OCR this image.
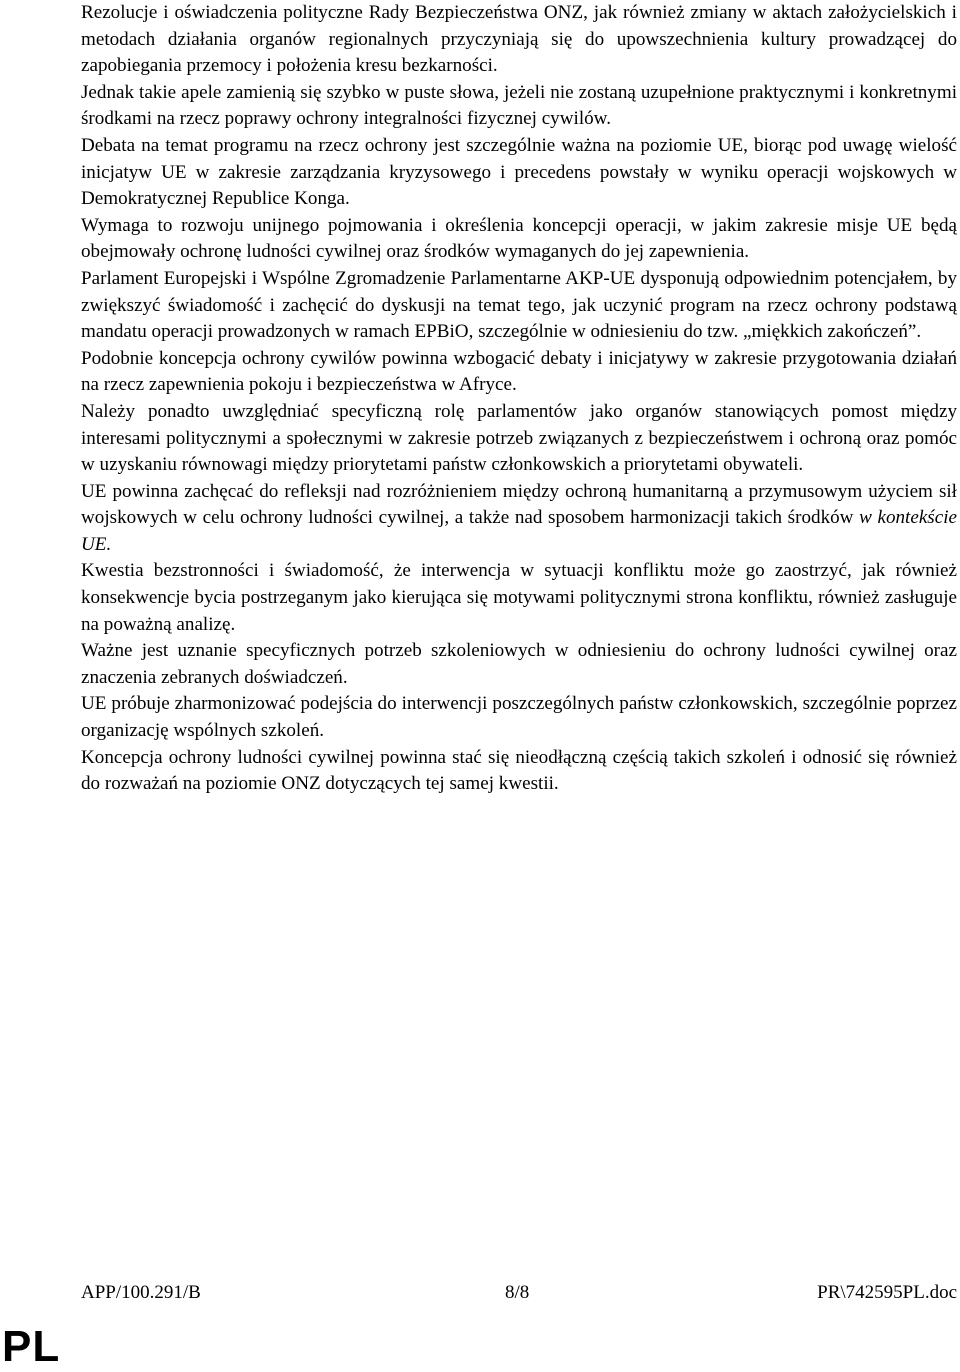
Rezolucje i oświadczenia polityczne Rady Bezpieczeństwa ONZ, jak również zmiany w aktach założycielskich i metodach działania organów regionalnych przyczyniają się do upowszechnienia kultury prowadzącej do zapobiegania przemocy i położenia kresu bezkarności.

Jednak takie apele zamienią się szybko w puste słowa, jeżeli nie zostaną uzupełnione praktycznymi i konkretnymi środkami na rzecz poprawy ochrony integralności fizycznej cywilów.

Debata na temat programu na rzecz ochrony jest szczególnie ważna na poziomie UE, biorąc pod uwagę wielość inicjatyw UE w zakresie zarządzania kryzysowego i precedens powstały w wyniku operacji wojskowych w Demokratycznej Republice Konga.

Wymaga to rozwoju unijnego pojmowania i określenia koncepcji operacji, w jakim zakresie misje UE będą obejmowały ochronę ludności cywilnej oraz środków wymaganych do jej zapewnienia.

Parlament Europejski i Wspólne Zgromadzenie Parlamentarne AKP-UE dysponują odpowiednim potencjałem, by zwiększyć świadomość i zachęcić do dyskusji na temat tego, jak uczynić program na rzecz ochrony podstawą mandatu operacji prowadzonych w ramach EPBiO, szczególnie w odniesieniu do tzw. „miękkich zakończeń”.

Podobnie koncepcja ochrony cywilów powinna wzbogacić debaty i inicjatywy w zakresie przygotowania działań na rzecz zapewnienia pokoju i bezpieczeństwa w Afryce.

Należy ponadto uwzględniać specyficzną rolę parlamentów jako organów stanowiących pomost między interesami politycznymi a społecznymi w zakresie potrzeb związanych z bezpieczeństwem i ochroną oraz pomóc w uzyskaniu równowagi między priorytetami państw członkowskich a priorytetami obywateli.

UE powinna zachęcać do refleksji nad rozróżnieniem między ochroną humanitarną a przymusowym użyciem sił wojskowych w celu ochrony ludności cywilnej, a także nad sposobem harmonizacji takich środków w kontekście UE.

Kwestia bezstronności i świadomość, że interwencja w sytuacji konfliktu może go zaostrzyć, jak również konsekwencje bycia postrzeganym jako kierująca się motywami politycznymi strona konfliktu, również zasługuje na poważną analizę.

Ważne jest uznanie specyficznych potrzeb szkoleniowych w odniesieniu do ochrony ludności cywilnej oraz znaczenia zebranych doświadczeń.

UE próbuje zharmonizować podejścia do interwencji poszczególnych państw członkowskich, szczególnie poprzez organizację wspólnych szkoleń.

Koncepcja ochrony ludności cywilnej powinna stać się nieodłączną częścią takich szkoleń i odnosić się również do rozważań na poziomie ONZ dotyczących tej samej kwestii.

APP/100.291/B	8/8	PR\742595PL.doc
PL
